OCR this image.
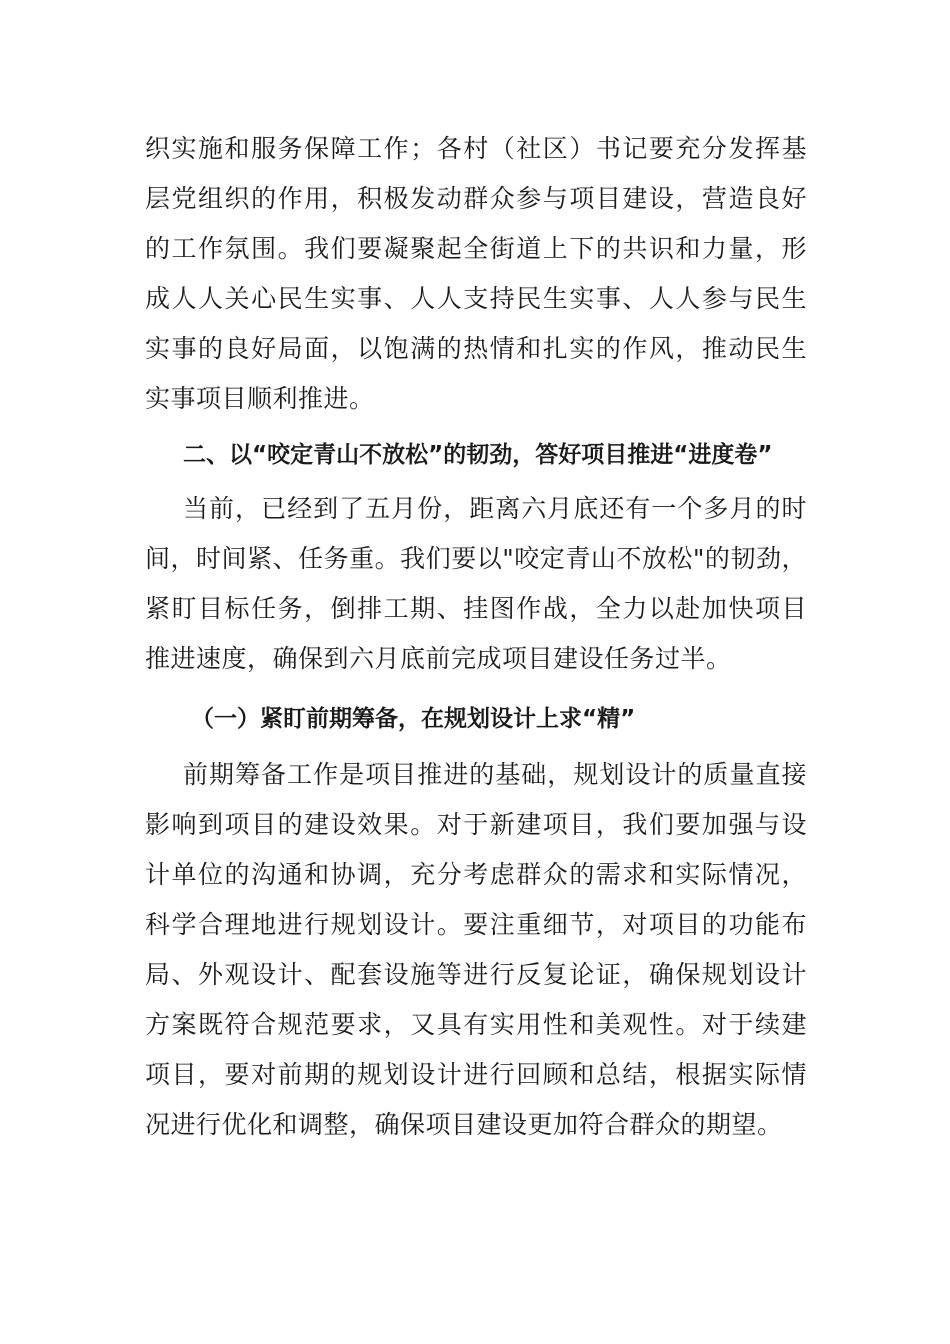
织实施和服务保障工作；各村（社区）书记要充分发挥基层党组织的作用，积极发动群众参与项目建设，营造良好的工作氛围。我们要凝聚起全街道上下的共识和力量，形成人人关心民生实事、人人支持民生实事、人人参与民生实事的良好局面，以饱满的热情和扎实的作风，推动民生实事项目顺利推进。

二、以“咬定青山不放松”的韧劲，答好项目推进“进度卷”

当前，已经到了五月份，距离六月底还有一个多月的时间，时间紧、任务重。我们要以"咬定青山不放松"的韧劲，紧盯目标任务，倒排工期、挂图作战，全力以赴加快项目推进速度，确保到六月底前完成项目建设任务过半。

（一）紧盯前期筹备，在规划设计上求“精”

前期筹备工作是项目推进的基础，规划设计的质量直接影响到项目的建设效果。对于新建项目，我们要加强与设计单位的沟通和协调，充分考虑群众的需求和实际情况，科学合理地进行规划设计。要注重细节，对项目的功能布局、外观设计、配套设施等进行反复论证，确保规划设计方案既符合规范要求，又具有实用性和美观性。对于续建项目，要对前期的规划设计进行回顾和总结，根据实际情况进行优化和调整，确保项目建设更加符合群众的期望。
